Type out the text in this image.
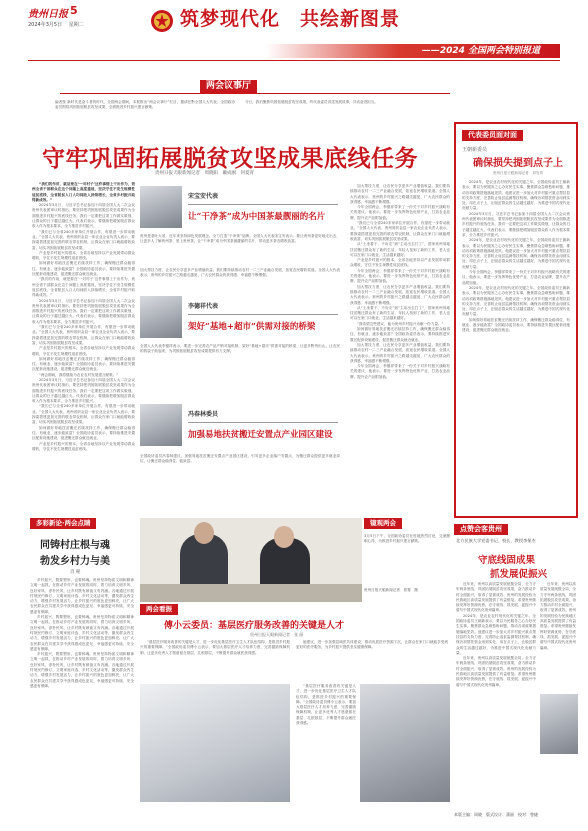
贵州日报 5
2024年3月5日 星期二	筑梦现代化　共绘新图景
——2024 全国两会特别报道
两会议事厅
编者按 新时代是奋斗者的时代，全国两会期间，本报推出“两会议事厅”栏目，邀请在黔全国人大代表、全国政协委员围绕巩固拓展脱贫攻坚成果、全面推进乡村振兴建言献策。
今日，我们聚焦巩固拓展脱贫攻坚成果，听代表委员讲述发展故事，共话奋进担当。
守牢巩固拓展脱贫攻坚成果底线任务
贵州日报天眼新闻记者　周晓阳　戴成刚　何夏青

“我们的作用，就是要在‘一对村子’这件事情上干出作为，贵州全省干部群众在这个问题上高度重视，坚决守住不发生规模性返贫底线，全省脱贫人口人均纯收入持续增长，全省乡村振兴取得新成效。”

2024年3月日，习近平总书记参加十四届全国人大二次会议贵州代表团审议时指出，要坚持把巩固拓展脱贫攻坚成果作为全面推进乡村振兴的底线任务。我们一定要把这项工作做实做细，让群众的日子越过越红火。代表们表示，要继续把增加脱贫群众收入作为根本要求，全力推进乡村振兴。

“我们已与全省240多家单位开展合作，有望进一步带动就业。”全国人大代表、贵州省织金县一家农业企业负责人表示，要探索搭建更加完善的联农带农机制，让群众在家门口就能增收致富，切实巩固拓展脱贫攻坚成果。

产业是乡村振兴的根本，全省各地坚持以产业发展带动群众增收，守住不发生规模性返贫底线。

如何做好易地扶贫搬迁后续扶持工作，确保搬迁群众稳得住、有就业、逐步能致富？全国政协委员表示，要持续推进安置区配套设施建设，促进搬迁群众就近就业。

“我们的作用，就是要在‘一对村子’这件事情上干出作为，贵州全省干部群众在这个问题上高度重视，坚决守住不发生规模性返贫底线，全省脱贫人口人均纯收入持续增长，全省乡村振兴取得新成效。”

2024年3月日，习近平总书记参加十四届全国人大二次会议贵州代表团审议时指出，要坚持把巩固拓展脱贫攻坚成果作为全面推进乡村振兴的底线任务。我们一定要把这项工作做实做细，让群众的日子越过越红火。代表们表示，要继续把增加脱贫群众收入作为根本要求，全力推进乡村振兴。

“我们已与全省240多家单位开展合作，有望进一步带动就业。”全国人大代表、贵州省织金县一家农业企业负责人表示，要探索搭建更加完善的联农带农机制，让群众在家门口就能增收致富，切实巩固拓展脱贫攻坚成果。

产业是乡村振兴的根本，全省各地坚持以产业发展带动群众增收，守住不发生规模性返贫底线。

如何做好易地扶贫搬迁后续扶持工作，确保搬迁群众稳得住、有就业、逐步能致富？全国政协委员表示，要持续推进安置区配套设施建设，促进搬迁群众就近就业。

“两会期间，我将继续为农业农村发展建言献策。”

2024年3月日，习近平总书记参加十四届全国人大二次会议贵州代表团审议时指出，要坚持把巩固拓展脱贫攻坚成果作为全面推进乡村振兴的底线任务。我们一定要把这项工作做实做细，让群众的日子越过越红火。代表们表示，要继续把增加脱贫群众收入作为根本要求，全力推进乡村振兴。

“我们已与全省240多家单位开展合作，有望进一步带动就业。”全国人大代表、贵州省织金县一家农业企业负责人表示，要探索搭建更加完善的联农带农机制，让群众在家门口就能增收致富，切实巩固拓展脱贫攻坚成果。

如何做好易地扶贫搬迁后续扶持工作，确保搬迁群众稳得住、有就业、逐步能致富？全国政协委员表示，要持续推进安置区配套设施建设，促进搬迁群众就近就业。

产业是乡村振兴的根本，全省各地坚持以产业发展带动群众增收，守住不发生规模性返贫底线。

宋宝安代表
让“干净茶”成为中国茶最靓丽的名片
贵州是茶叶大省，近年来坚持绿色发展理念，全力打造“干净茶”品牌。全国人大代表宋宝安表示，要让贵州茶更好地走出去，让更多人了解贵州茶、爱上贵州茶，让“干净茶”成为中国茶最靓丽的名片，带动更多茶农增收致富。
加大帮扶力度，让农民分享更多产业增值收益。我们要持续推动农村一二三产业融合发展，拓宽农民增收渠道。全国人大代表表示，贵州的乡村振兴之路越走越宽，广大农民群众的获得感、幸福感不断增强。
李德祥代表
架好“基地+超市”供需对接的桥梁
全国人大代表李德祥表示，要进一步完善农产品产销对接机制，架好“基地+超市”供需对接的桥梁，让更多黔货出山，让农民的钱袋子鼓起来，为巩固拓展脱贫攻坚成果提供有力支撑。
冯春林委员
加强易地扶贫搬迁安置点产业园区建设
全国政协委员冯春林建议，加强易地扶贫搬迁安置点产业园区建设，引导更多企业落户安置点，为搬迁群众提供更多就业岗位，让搬迁群众稳得住、能致富。

加大帮扶力度，让农民分享更多产业增值收益。我们要持续推动农村一二三产业融合发展，拓宽农民增收渠道。全国人大代表表示，贵州的乡村振兴之路越走越宽，广大农民群众的获得感、幸福感不断增强。

今年全国两会，李德祥带来了一份关于对乡村振兴战略有关的建议，他表示，要进一步发挥特色优势产业，打造农业品牌，提升农产品附加值。

“我们已与全省240多家单位开展合作，有望进一步带动就业。”全国人大代表、贵州省织金县一家农业企业负责人表示，要探索搭建更加完善的联农带农机制，让群众在家门口就能增收致富，切实巩固拓展脱贫攻坚成果。

从“土坐着干、不肯走”到“主动出去打工”，国家贵州易地扶贫搬迁群众有了新的生活，年轻人找到了新的工作，老人也可以在家门口就业，生活越来越好。

产业是乡村振兴的根本，全省各地坚持以产业发展带动群众增收，守住不发生规模性返贫底线。

今年全国两会，李德祥带来了一份关于对乡村振兴战略有关的建议，他表示，要进一步发挥特色优势产业，打造农业品牌，提升农产品附加值。

加大帮扶力度，让农民分享更多产业增值收益。我们要持续推动农村一二三产业融合发展，拓宽农民增收渠道。全国人大代表表示，贵州的乡村振兴之路越走越宽，广大农民群众的获得感、幸福感不断增强。

从“土坐着干、不肯走”到“主动出去打工”，国家贵州易地扶贫搬迁群众有了新的生活，年轻人找到了新的工作，老人也可以在家门口就业，生活越来越好。

“我希望这些建议，能为贵州乡村振兴贡献一份力量。”

如何做好易地扶贫搬迁后续扶持工作，确保搬迁群众稳得住、有就业、逐步能致富？全国政协委员表示，要持续推进安置区配套设施建设，促进搬迁群众就近就业。

加大帮扶力度，让农民分享更多产业增值收益。我们要持续推动农村一二三产业融合发展，拓宽农民增收渠道。全国人大代表表示，贵州的乡村振兴之路越走越宽，广大农民群众的获得感、幸福感不断增强。

今年全国两会，李德祥带来了一份关于对乡村振兴战略有关的建议，他表示，要进一步发挥特色优势产业，打造农业品牌，提升农产品附加值。

代表委员面对面
王朝新委员
确保损失提到点子上
贵州日报天眼新闻记者　刘宜青

2024年，是农业农村现代化的关键之年。全国政协委员王朝新表示，要以为民服务之心办好民生实事，聚焦群众急难愁盼问题，推动各项政策措施落地见效。他建议进一步加大对乡村振兴重点帮扶县的支持力度，完善防止返贫监测帮扶机制，确保各项帮扶资金用到实处、用在点子上，让脱贫群众的生活越过越好，为推进中国式现代化贡献力量。

2024年3月日，习近平总书记参加十四届全国人大二次会议贵州代表团审议时指出，要坚持把巩固拓展脱贫攻坚成果作为全面推进乡村振兴的底线任务。我们一定要把这项工作做实做细，让群众的日子越过越红火。代表们表示，要继续把增加脱贫群众收入作为根本要求，全力推进乡村振兴。

2024年，是农业农村现代化的关键之年。全国政协委员王朝新表示，要以为民服务之心办好民生实事，聚焦群众急难愁盼问题，推动各项政策措施落地见效。他建议进一步加大对乡村振兴重点帮扶县的支持力度，完善防止返贫监测帮扶机制，确保各项帮扶资金用到实处、用在点子上，让脱贫群众的生活越过越好，为推进中国式现代化贡献力量。

今年全国两会，李德祥带来了一份关于对乡村振兴战略有关的建议，他表示，要进一步发挥特色优势产业，打造农业品牌，提升农产品附加值。

2024年，是农业农村现代化的关键之年。全国政协委员王朝新表示，要以为民服务之心办好民生实事，聚焦群众急难愁盼问题，推动各项政策措施落地见效。他建议进一步加大对乡村振兴重点帮扶县的支持力度，完善防止返贫监测帮扶机制，确保各项帮扶资金用到实处、用在点子上，让脱贫群众的生活越过越好，为推进中国式现代化贡献力量。

如何做好易地扶贫搬迁后续扶持工作，确保搬迁群众稳得住、有就业、逐步能致富？全国政协委员表示，要持续推进安置区配套设施建设，促进搬迁群众就近就业。

点赞会客贵州
北方民族大学党委书记、校长、教授李保杰
守底线固成果
抓发展促振兴

近年来，贵州以高质量发展统揽全局，全力守牢两条底线，巩固拓展脱贫攻坚成果，奋力推动乡村全面振兴，取得了显著成效。贵州的发展经验为民族地区高质量发展提供了有益借鉴。希望贵州继续发挥好资源优势，在守底线、抓发展、促振兴中谱写中国式现代化贵州篇章。

2024年，是农业农村现代化的关键之年。全国政协委员王朝新表示，要以为民服务之心办好民生实事，聚焦群众急难愁盼问题，推动各项政策措施落地见效。他建议进一步加大对乡村振兴重点帮扶县的支持力度，完善防止返贫监测帮扶机制，确保各项帮扶资金用到实处、用在点子上，让脱贫群众的生活越过越好，为推进中国式现代化贡献力量。

近年来，贵州以高质量发展统揽全局，全力守牢两条底线，巩固拓展脱贫攻坚成果，奋力推动乡村全面振兴，取得了显著成效。贵州的发展经验为民族地区高质量发展提供了有益借鉴。希望贵州继续发挥好资源优势，在守底线、抓发展、促振兴中谱写中国式现代化贵州篇章。

近年来，贵州以高质量发展统揽全局，全力守牢两条底线，巩固拓展脱贫攻坚成果，奋力推动乡村全面振兴，取得了显著成效。贵州的发展经验为民族地区高质量发展提供了有益借鉴。希望贵州继续发挥好资源优势，在守底线、抓发展、促振兴中谱写中国式现代化贵州篇章。

多彩新论·两会点睛
同铸村庄根与魂
勃发乡村力与美
肖 秘

乡村振兴，既要塑形，也要铸魂。贵州坚持物质文明和精神文明一起抓，在推动乡村产业发展的同时，着力培育文明乡风、良好家风、淳朴民风，让乡村既有颜值又有内涵。各地通过开展村规民约修订、文明家庭评选、乡村文化活动等，激发群众内生动力，增强乡村发展活力，让乡村振兴的底色更加鲜亮，让广大农民群众在共建共享中获得感成色更足、幸福感更可持续、安全感更有保障。

乡村振兴，既要塑形，也要铸魂。贵州坚持物质文明和精神文明一起抓，在推动乡村产业发展的同时，着力培育文明乡风、良好家风、淳朴民风，让乡村既有颜值又有内涵。各地通过开展村规民约修订、文明家庭评选、乡村文化活动等，激发群众内生动力，增强乡村发展活力，让乡村振兴的底色更加鲜亮，让广大农民群众在共建共享中获得感成色更足、幸福感更可持续、安全感更有保障。

乡村振兴，既要塑形，也要铸魂。贵州坚持物质文明和精神文明一起抓，在推动乡村产业发展的同时，着力培育文明乡风、良好家风、淳朴民风，让乡村既有颜值又有内涵。各地通过开展村规民约修订、文明家庭评选、乡村文化活动等，激发群众内生动力，增强乡村发展活力，让乡村振兴的底色更加鲜亮，让广大农民群众在共建共享中获得感成色更足、幸福感更可持续、安全感更有保障。

镜观两会
3月5日下午，全国政协委员在驻地热烈讨论，交流履职心得，为推进乡村振兴建言献策。
贵州日报天眼新闻记者　曾骞　摄
两会看振
傅小云委员：基层医疗服务改善的关键是人才
贵州日报天眼新闻记者　张 丽

“基层医疗服务改善的关键是人才，进一步优化基层医疗卫生人才队伍结构，是推进乡村振兴的重要保障。”全国政协委员傅小云表示，要加大基层医疗人才培养力度，完善激励保障机制，让更多优秀人才愿意留在基层、扎根基层，不断提升群众就医获得感。

她建议，进一步加强县域医共体建设，推动优质医疗资源下沉，让群众在家门口就能享受到更好的医疗服务，为乡村振兴提供坚实健康保障。

“基层医疗服务改善的关键是人才，进一步优化基层医疗卫生人才队伍结构，是推进乡村振兴的重要保障。”全国政协委员傅小云表示，要加大基层医疗人才培养力度，完善激励保障机制，让更多优秀人才愿意留在基层、扎根基层，不断提升群众就医获得感。

本版主编：周晓　版式设计：蒲丽　校对：曾捷
